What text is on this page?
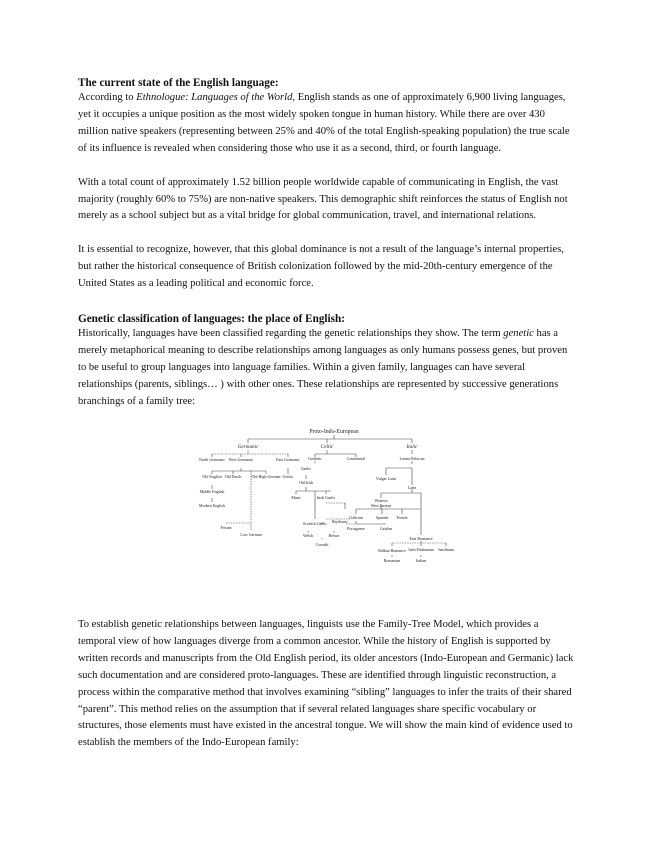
The current state of the English language:

According to Ethnologue: Languages of the World, English stands as one of approximately 6,900 living languages, yet it occupies a unique position as the most widely spoken tongue in human history. While there are over 430 million native speakers (representing between 25% and 40% of the total English-speaking population) the true scale of its influence is revealed when considering those who use it as a second, third, or fourth language.

With a total count of approximately 1.52 billion people worldwide capable of communicating in English, the vast majority (roughly 60% to 75%) are non-native speakers. This demographic shift reinforces the status of English not merely as a school subject but as a vital bridge for global communication, travel, and international relations.

It is essential to recognize, however, that this global dominance is not a result of the language’s internal properties, but rather the historical consequence of British colonization followed by the mid-20th-century emergence of the United States as a leading political and economic force.

Genetic classification of languages: the place of English:

Historically, languages have been classified regarding the genetic relationships they show. The term genetic has a merely metaphorical meaning to describe relationships among languages as only humans possess genes, but proven to be useful to group languages into language families. Within a given family, languages can have several relationships (parents, siblings… ) with other ones. These relationships are represented by successive generations branchings of a family tree:

Proto-Indo-European
Germanic	Celtic	Italic
North Germanic West Germanic	East Germanic
Old English Old Dutch	Old High German Gothic
Middle English
Modern English
Frisian
Low German
Goidelic	Continental
Gaelic
Old Irish
Manx	Irish Gaelic
Scottish Gaelic Brythonic
Welsh	Breton
Cornish
Latino-Faliscan
Vulgar Latin
Latin
Western
West Iberian
Galician	Spanish French
Portuguese	Catalan
East Romance
Balkan Romance Italo-Dalmatian Sardinian
Romanian	Italian

To establish genetic relationships between languages, linguists use the Family-Tree Model, which provides a temporal view of how languages diverge from a common ancestor. While the history of English is supported by written records and manuscripts from the Old English period, its older ancestors (Indo-European and Germanic) lack such documentation and are considered proto-languages. These are identified through linguistic reconstruction, a process within the comparative method that involves examining “sibling” languages to infer the traits of their shared “parent”. This method relies on the assumption that if several related languages share specific vocabulary or structures, those elements must have existed in the ancestral tongue. We will show the main kind of evidence used to establish the members of the Indo-European family:
